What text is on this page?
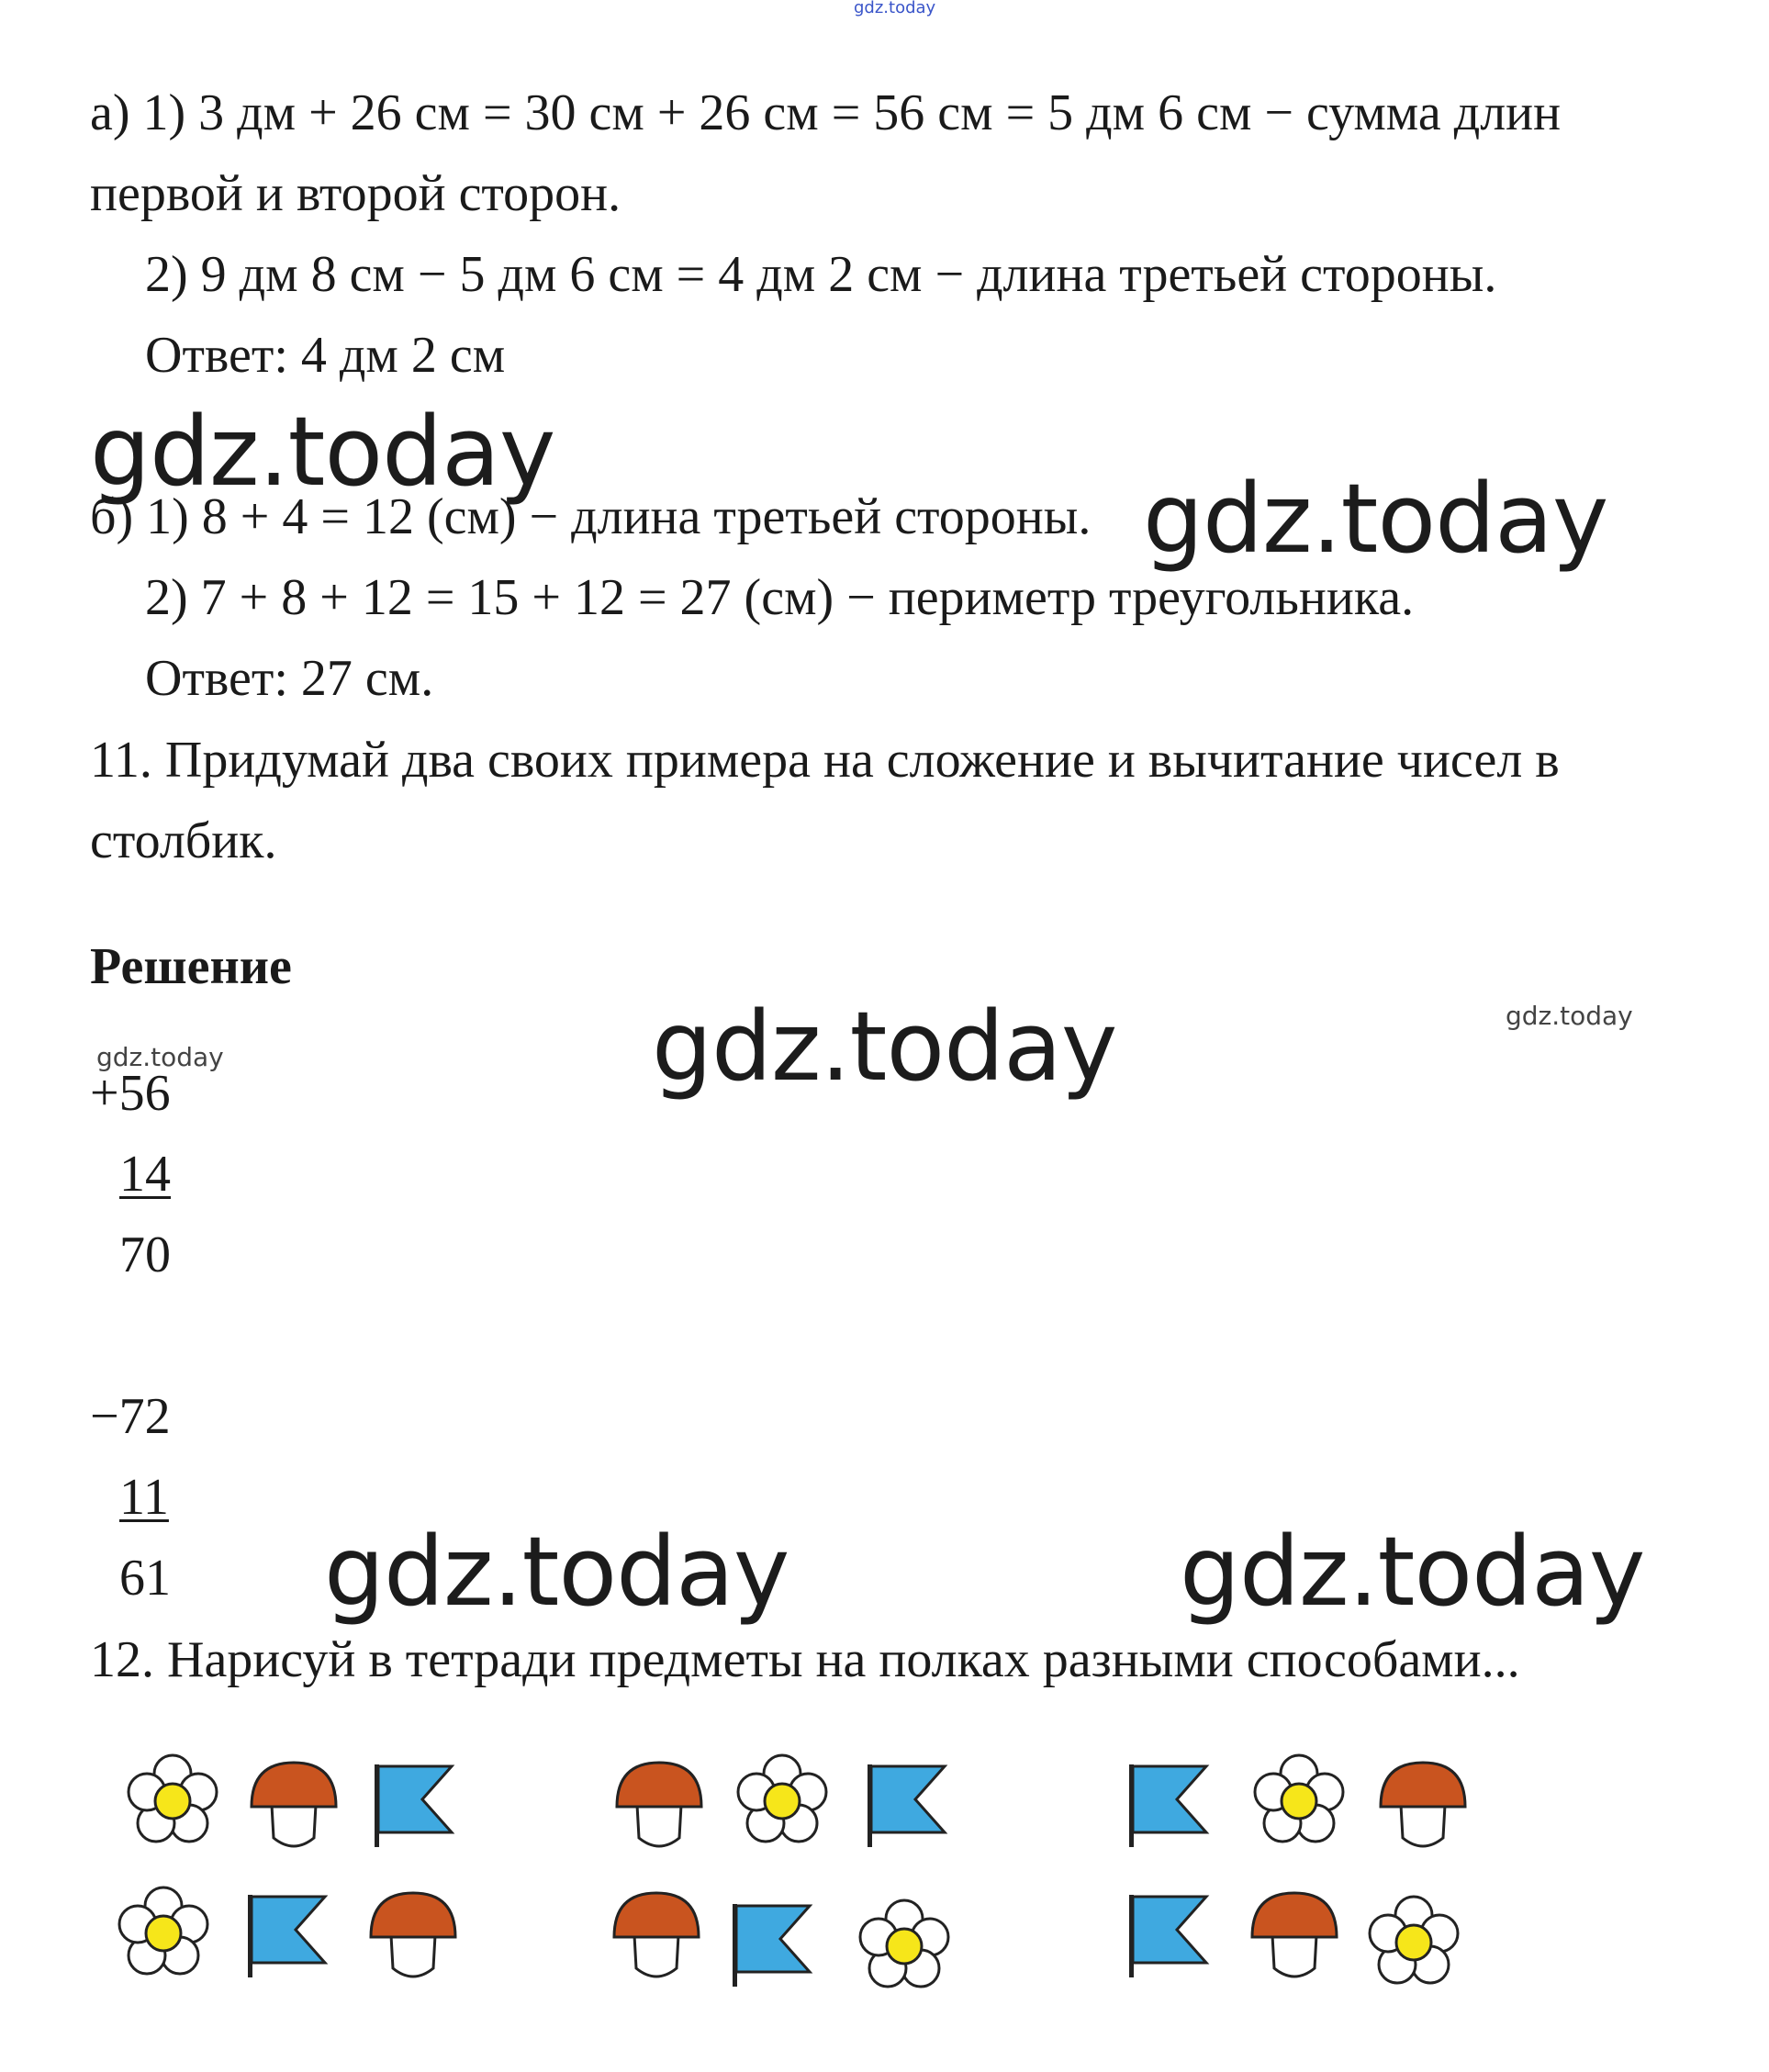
gdz.today
а) 1) 3 дм + 26 см = 30 см + 26 см = 56 см = 5 дм 6 см − сумма длин
первой и второй сторон.
2) 9 дм 8 см − 5 дм 6 см = 4 дм 2 см − длина третьей стороны.
Ответ: 4 дм 2 см
gdz.today
б) 1) 8 + 4 = 12 (см) − длина третьей стороны. gdz.today
2) 7 + 8 + 12 = 15 + 12 = 27 (см) − периметр треугольника.
Ответ: 27 см.
11. Придумай два своих примера на сложение и вычитание чисел в
столбик.
Решение
gdz.today
gdz.today
gdz.today
+56
14
70
−72
11
61 gdz.today	gdz.today
12. Нарисуй в тетради предметы на полках разными способами...
